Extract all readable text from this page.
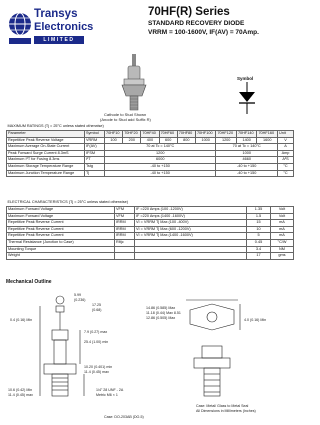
Transys
Electronics
LIMITED
70HF(R) Series
STANDARD RECOVERY DIODE
VRRM = 100-1600V, IF(AV) = 70Amp.
Cathode to Stud Shown
(Anode to Stud add Suffix R)
Symbol
MAXIMUM RATINGS (Tj = 25°C unless stated otherwise)											
Parameter	Symbol	70HF10	70HF20	70HF40	70HF60	70HF80	70HF100	70HF120	70HF140	70HF160	Unit
Repetitive Peak Reverse Voltage	VRRM	100	200	400	600	800	1000	1200	1400	1600	V
Maximum Average On-State Current	IF(AV)	70 at Tc = 140°C						70 at Tc = 140°C			A
Peak Forward Surge Current 8.3mS	IFSM	1200						1000			Amp
Maximum I²T for Fusing 8.3ms	I²T	6000						4660			A²S
Maximum Storage Temperature Range	Tstg	-40 to +150						-40 to +150			°C
Maximum Junction Temperature Range	Tj	-40 to +150						-40 to +150			°C
ELECTRICAL CHARACTERISTICS (Tj = 25°C unless stated otherwise)				
Maximum Forward Voltage	VFM	IF =220 Amps (100 -1200V)	1.35	Volt
Maximum Forward Voltage	VFM	IF =220 Amps (1400 -1600V)	1.5	Volt
Repetitive Peak Reverse Current	IRRM	VI = VRRM Tj Max (100 -400V)	15	mA
Repetitive Peak Reverse Current	IRRM	VI = VRRM Tj Max (600 -1200V)	10	mA
Repetitive Peak Reverse Current	IRRM	VI = VRRM Tj Max (1400 -1600V)	5	mA
Thermal Resistance (Junction to Case)	Rθjc		0.45	°C/W
Mounting Torque			3.4	NM
Weight			17	gms
Mechanical Outline
5.99
(0.236)
17.25
(0.68)
0.4 (0.16) Min
7.9 (0.27) max
25.4 (1.00) min
14.86 (0.585) Max
11.18 (0.44) Max 8.51
12.86 (0.505) Max	4.0 (0.16) Min
10.20 (0.401) min
11.4 (0.45) max
10.6 (0.42) Min
11.4 (0.45) max
1/4" 28 UNF - 2A
Metric M6 × 1
Case: Metal/ Glass to Metal Seal
All Dimensions in Millimeters (Inches)
Case: DO-203AB (DO-5)
